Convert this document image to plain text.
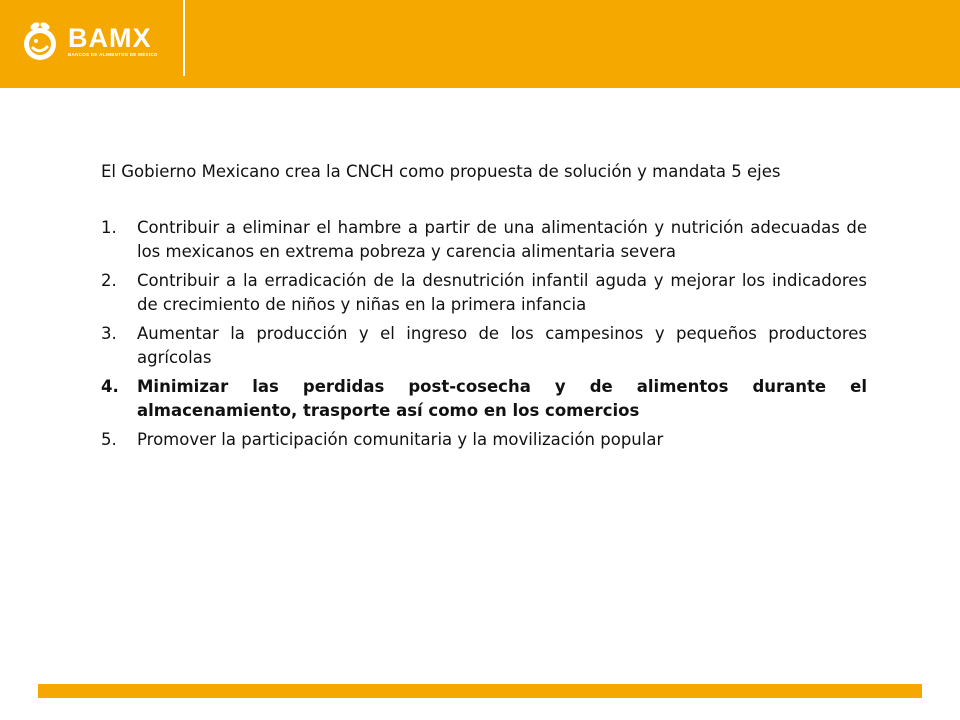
BAMX
BANCOS DE ALIMENTOS DE MÉXICO

El Gobierno Mexicano crea la CNCH como propuesta de solución y mandata 5 ejes

1. Contribuir a eliminar el hambre a partir de una alimentación y nutrición adecuadas de los mexicanos en extrema pobreza y carencia alimentaria severa
2. Contribuir a la erradicación de la desnutrición infantil aguda y mejorar los indicadores de crecimiento de niños y niñas en la primera infancia
3. Aumentar la producción y el ingreso de los campesinos y pequeños productores agrícolas
4. Minimizar las perdidas post-cosecha y de alimentos durante el almacenamiento, trasporte así como en los comercios
5. Promover la participación comunitaria y la movilización popular
